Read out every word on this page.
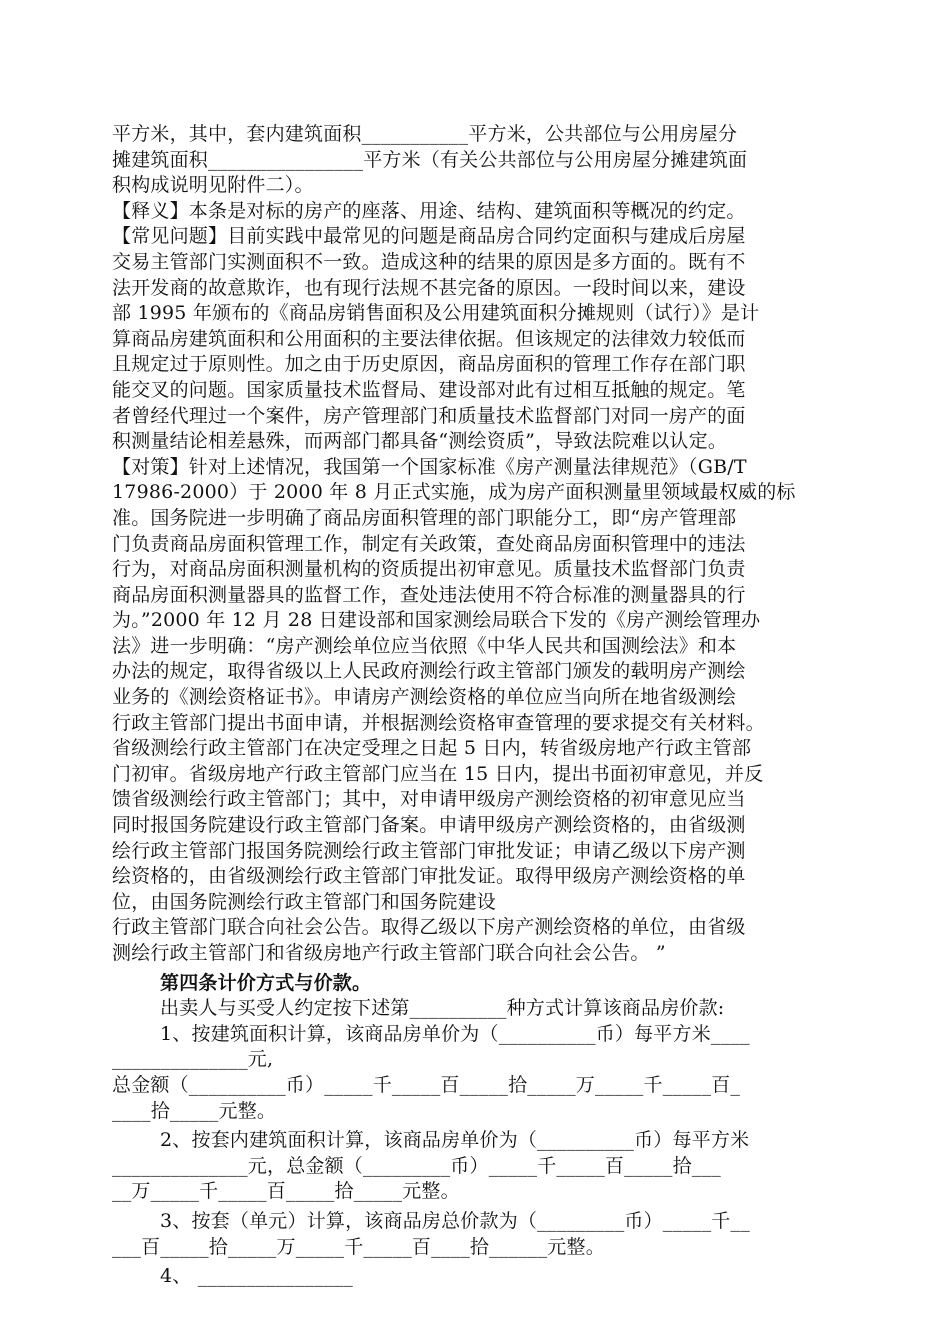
平方米，其中，套内建筑面积___________平方米，公共部位与公用房屋分
摊建筑面积________________平方米（有关公共部位与公用房屋分摊建筑面
积构成说明见附件二）。
【释义】本条是对标的房产的座落、用途、结构、建筑面积等概况的约定。
【常见问题】目前实践中最常见的问题是商品房合同约定面积与建成后房屋
交易主管部门实测面积不一致。造成这种的结果的原因是多方面的。既有不
法开发商的故意欺诈，也有现行法规不甚完备的原因。一段时间以来，建设
部 1995 年颁布的《商品房销售面积及公用建筑面积分摊规则（试行）》是计
算商品房建筑面积和公用面积的主要法律依据。但该规定的法律效力较低而
且规定过于原则性。加之由于历史原因，商品房面积的管理工作存在部门职
能交叉的问题。国家质量技术监督局、建设部对此有过相互抵触的规定。笔
者曾经代理过一个案件，房产管理部门和质量技术监督部门对同一房产的面
积测量结论相差悬殊，而两部门都具备“测绘资质”，导致法院难以认定。
【对策】针对上述情况，我国第一个国家标准《房产测量法律规范》（GB/T
17986-2000）于 2000 年 8 月正式实施，成为房产面积测量里领域最权威的标
准。国务院进一步明确了商品房面积管理的部门职能分工，即“房产管理部
门负责商品房面积管理工作，制定有关政策，查处商品房面积管理中的违法
行为，对商品房面积测量机构的资质提出初审意见。质量技术监督部门负责
商品房面积测量器具的监督工作，查处违法使用不符合标准的测量器具的行
为。”2000 年 12 月 28 日建设部和国家测绘局联合下发的《房产测绘管理办
法》进一步明确：“房产测绘单位应当依照《中华人民共和国测绘法》和本
办法的规定，取得省级以上人民政府测绘行政主管部门颁发的载明房产测绘
业务的《测绘资格证书》。申请房产测绘资格的单位应当向所在地省级测绘
行政主管部门提出书面申请，并根据测绘资格审查管理的要求提交有关材料。
省级测绘行政主管部门在决定受理之日起 5 日内，转省级房地产行政主管部
门初审。省级房地产行政主管部门应当在 15 日内，提出书面初审意见，并反
馈省级测绘行政主管部门；其中，对申请甲级房产测绘资格的初审意见应当
同时报国务院建设行政主管部门备案。申请甲级房产测绘资格的，由省级测
绘行政主管部门报国务院测绘行政主管部门审批发证；申请乙级以下房产测
绘资格的，由省级测绘行政主管部门审批发证。取得甲级房产测绘资格的单
位，由国务院测绘行政主管部门和国务院建设
行政主管部门联合向社会公告。取得乙级以下房产测绘资格的单位，由省级
测绘行政主管部门和省级房地产行政主管部门联合向社会公告。 ”
第四条计价方式与价款。
出卖人与买受人约定按下述第__________种方式计算该商品房价款:
1、按建筑面积计算，该商品房单价为（__________币）每平方米____
______________元,
总金额（__________币）_____千_____百_____拾_____万_____千_____百_
____拾_____元整。
2、按套内建筑面积计算，该商品房单价为（__________币）每平方米
______________元，总金额（_________币）_____千_____百_____拾___
__万_____千_____百_____拾_____元整。
3、按套（单元）计算，该商品房总价款为（_________币）_____千__
___百_____拾_____万_____千_____百____拾______元整。
4、 ________________
